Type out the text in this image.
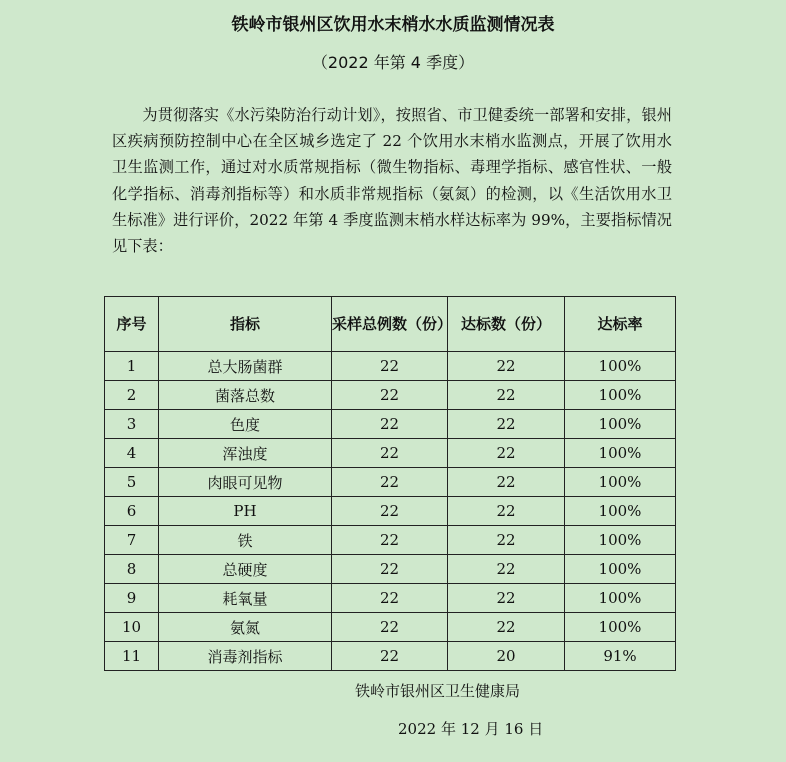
铁岭市银州区饮用水末梢水水质监测情况表
（2022 年第 4 季度）

为贯彻落实《水污染防治行动计划》，按照省、市卫健委统一部署和安排，银州区疾病预防控制中心在全区城乡选定了 22 个饮用水末梢水监测点，开展了饮用水卫生监测工作，通过对水质常规指标（微生物指标、毒理学指标、感官性状、一般化学指标、消毒剂指标等）和水质非常规指标（氨氮）的检测，以《生活饮用水卫生标准》进行评价，2022 年第 4 季度监测末梢水样达标率为 99%，主要指标情况见下表：

序号	指标	采样总例数（份）	达标数（份）	达标率
1	总大肠菌群	22	22	100%
2	菌落总数	22	22	100%
3	色度	22	22	100%
4	浑浊度	22	22	100%
5	肉眼可见物	22	22	100%
6	PH	22	22	100%
7	铁	22	22	100%
8	总硬度	22	22	100%
9	耗氧量	22	22	100%
10	氨氮	22	22	100%
11	消毒剂指标	22	20	91%
铁岭市银州区卫生健康局
2022 年 12 月 16 日
